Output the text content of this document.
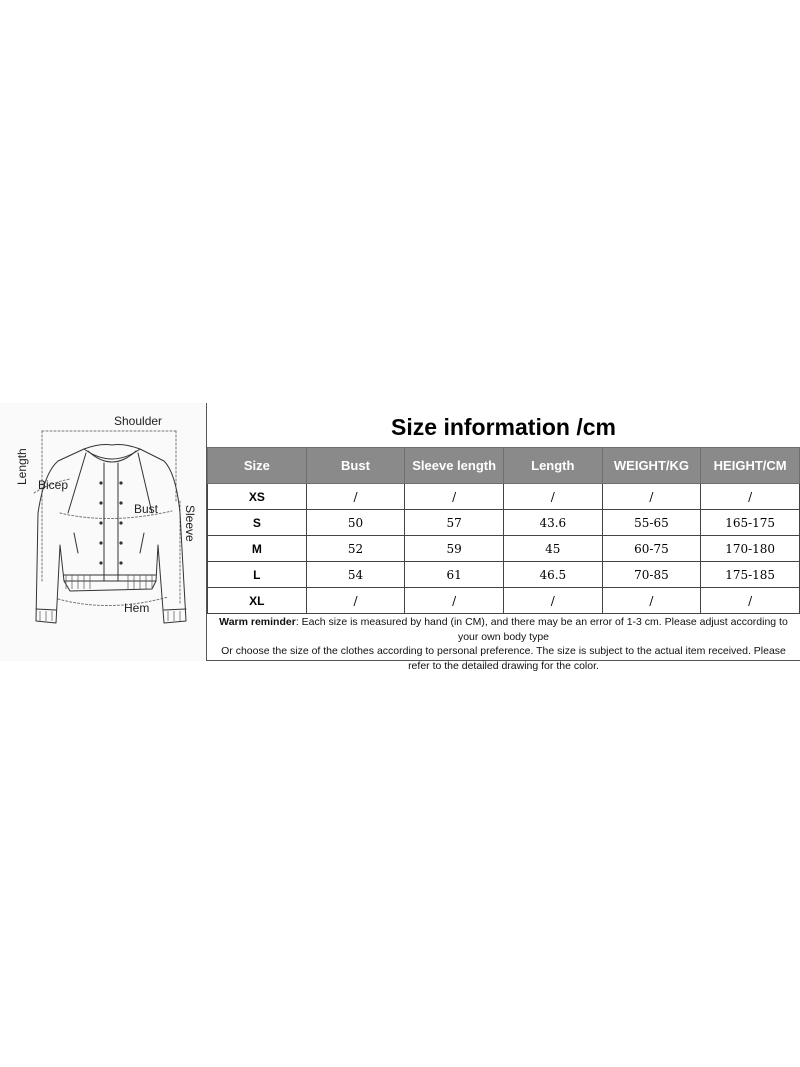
Shoulder
Length Bicep
Bust Sleeve
Hem
Size information /cm
Size	Bust	Sleeve length	Length	WEIGHT/KG	HEIGHT/CM
XS	/	/	/	/	/
S	50	57	43.6	55-65	165-175
M	52	59	45	60-75	170-180
L	54	61	46.5	70-85	175-185
XL	/	/	/	/	/
Warm reminder: Each size is measured by hand (in CM), and there may be an error of 1-3 cm. Please adjust according to your own body type
Or choose the size of the clothes according to personal preference. The size is subject to the actual item received. Please refer to the detailed drawing for the color.
